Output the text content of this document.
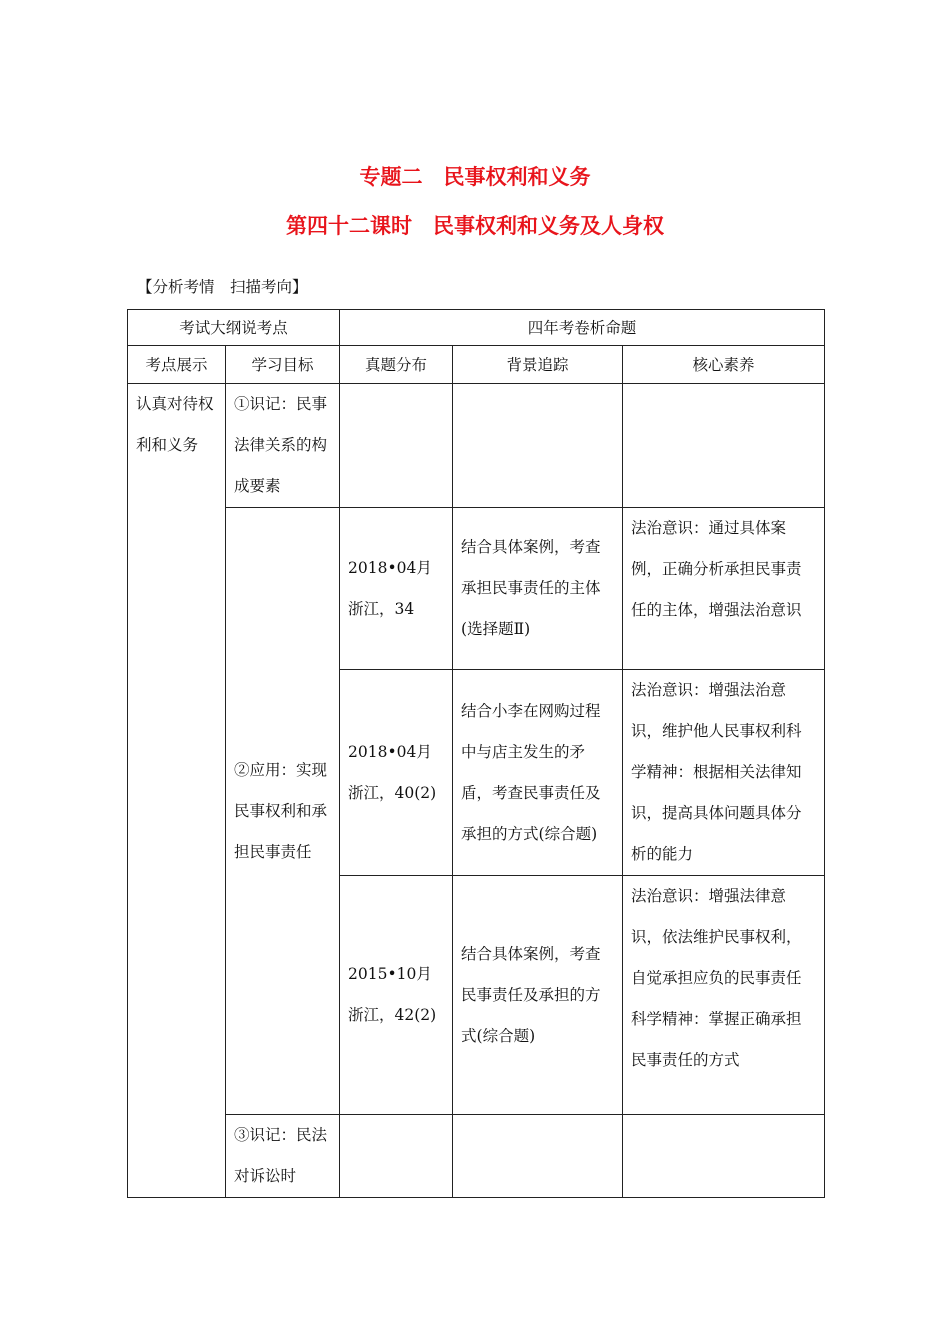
专题二　民事权利和义务
第四十二课时　民事权利和义务及人身权
【分析考情　扫描考向】
考试大纲说考点		四年考卷析命题		
考点展示	学习目标	真题分布	背景追踪	核心素养
认真对待权利和义务	①识记：民事法律关系的构成要素			
	②应用：实现民事权利和承担民事责任	2018•04月浙江，34	结合具体案例，考查承担民事责任的主体(选择题Ⅱ)	法治意识：通过具体案例，正确分析承担民事责任的主体，增强法治意识
		2018•04月浙江，40(2)	结合小李在网购过程中与店主发生的矛盾，考查民事责任及承担的方式(综合题)	法治意识：增强法治意识，维护他人民事权利科学精神：根据相关法律知识，提高具体问题具体分析的能力
		2015•10月浙江，42(2)	结合具体案例，考查民事责任及承担的方式(综合题)	法治意识：增强法律意识，依法维护民事权利，自觉承担应负的民事责任科学精神：掌握正确承担民事责任的方式
	③识记：民法对诉讼时			
